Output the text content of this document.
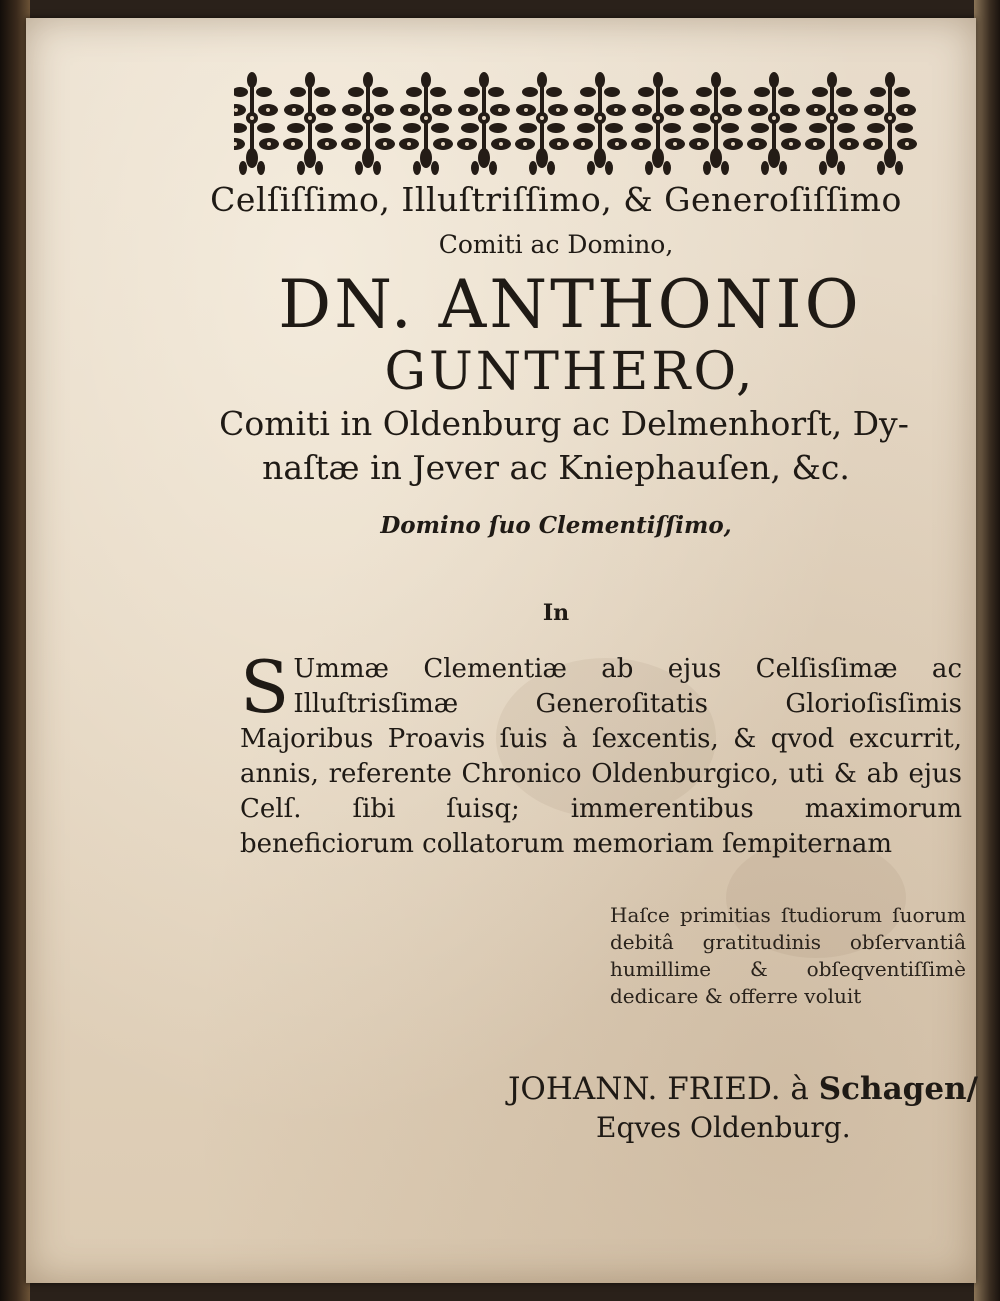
Celſiſſimo, Illuſtriſſimo, & Generoſiſſimo
Comiti ac Domino,
DN. ANTHONIO
GUNTHERO,
Comiti in Oldenburg ac Delmenhorſt, Dy-
naſtæ in Jever ac Kniephauſen, &c.
Domino ſuo Clementiſſimo,
In
S Ummæ Clementiæ ab ejus Celſisſimæ ac Illuſtrisſimæ Generoſitatis Glorioſisſimis Majoribus Proavis ſuis à ſexcentis, & qvod excurrit, annis, referente Chronico Oldenburgico, uti & ab ejus Celſ. ſibi ſuisq; immerentibus maximorum beneficiorum collatorum memoriam ſempiternam
Haſce primitias ſtudiorum ſuorum debitâ gratitudinis obſervantiâ humillime & obſeqventiſſimè dedicare & offerre voluit
JOHANN. FRIED. à Schagen/
Eqves Oldenburg.
